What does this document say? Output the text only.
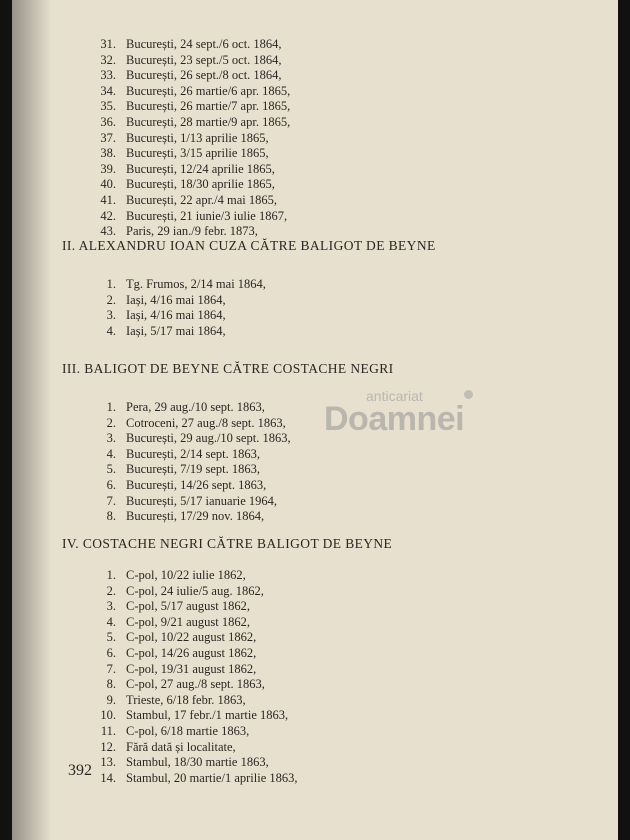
31. București, 24 sept./6 oct. 1864,
32. București, 23 sept./5 oct. 1864,
33. București, 26 sept./8 oct. 1864,
34. București, 26 martie/6 apr. 1865,
35. București, 26 martie/7 apr. 1865,
36. București, 28 martie/9 apr. 1865,
37. București, 1/13 aprilie 1865,
38. București, 3/15 aprilie 1865,
39. București, 12/24 aprilie 1865,
40. București, 18/30 aprilie 1865,
41. București, 22 apr./4 mai 1865,
42. București, 21 iunie/3 iulie 1867,
43. Paris, 29 ian./9 febr. 1873,
II. ALEXANDRU IOAN CUZA CĂTRE BALIGOT DE BEYNE
1. Tg. Frumos, 2/14 mai 1864,
2. Iași, 4/16 mai 1864,
3. Iași, 4/16 mai 1864,
4. Iași, 5/17 mai 1864,
III. BALIGOT DE BEYNE CĂTRE COSTACHE NEGRI
1. Pera, 29 aug./10 sept. 1863,
2. Cotroceni, 27 aug./8 sept. 1863,
3. București, 29 aug./10 sept. 1863,
4. București, 2/14 sept. 1863,
5. București, 7/19 sept. 1863,
6. București, 14/26 sept. 1863,
7. București, 5/17 ianuarie 1964,
8. București, 17/29 nov. 1864,
IV. COSTACHE NEGRI CĂTRE BALIGOT DE BEYNE
1. C-pol, 10/22 iulie 1862,
2. C-pol, 24 iulie/5 aug. 1862,
3. C-pol, 5/17 august 1862,
4. C-pol, 9/21 august 1862,
5. C-pol, 10/22 august 1862,
6. C-pol, 14/26 august 1862,
7. C-pol, 19/31 august 1862,
8. C-pol, 27 aug./8 sept. 1863,
9. Trieste, 6/18 febr. 1863,
10. Stambul, 17 febr./1 martie 1863,
11. C-pol, 6/18 martie 1863,
12. Fără dată și localitate,
13. Stambul, 18/30 martie 1863,
14. Stambul, 20 martie/1 aprilie 1863,
392
anticariat
Doamnei
